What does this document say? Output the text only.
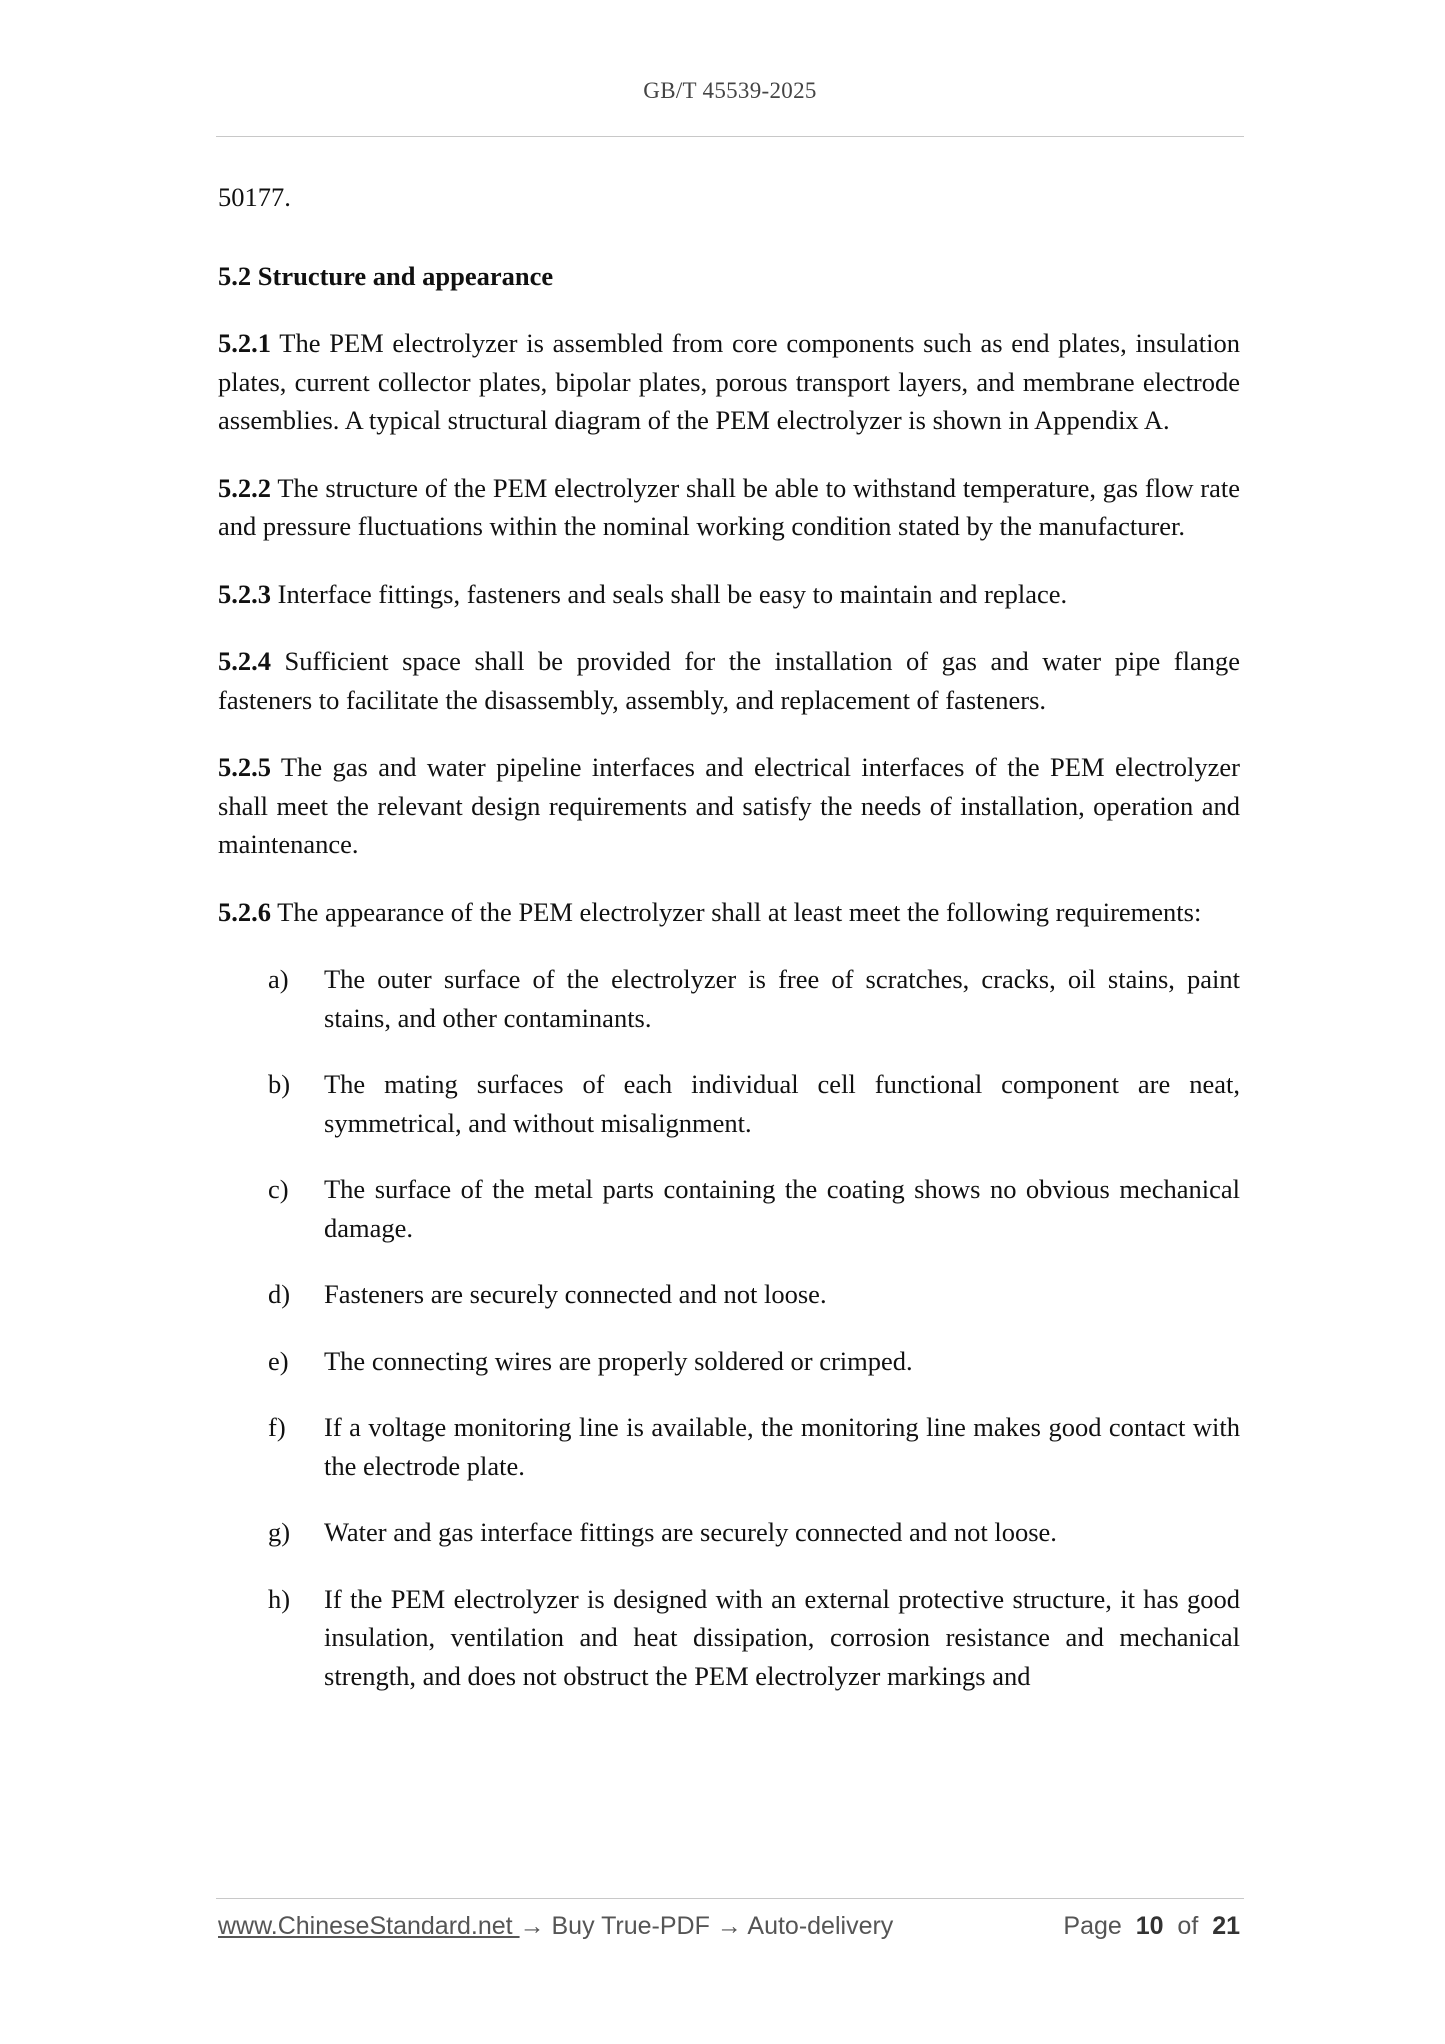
GB/T 45539-2025

50177.

5.2 Structure and appearance

5.2.1 The PEM electrolyzer is assembled from core components such as end plates, insulation plates, current collector plates, bipolar plates, porous transport layers, and membrane electrode assemblies. A typical structural diagram of the PEM electrolyzer is shown in Appendix A.

5.2.2 The structure of the PEM electrolyzer shall be able to withstand temperature, gas flow rate and pressure fluctuations within the nominal working condition stated by the manufacturer.

5.2.3 Interface fittings, fasteners and seals shall be easy to maintain and replace.

5.2.4 Sufficient space shall be provided for the installation of gas and water pipe flange fasteners to facilitate the disassembly, assembly, and replacement of fasteners.

5.2.5 The gas and water pipeline interfaces and electrical interfaces of the PEM electrolyzer shall meet the relevant design requirements and satisfy the needs of installation, operation and maintenance.

5.2.6 The appearance of the PEM electrolyzer shall at least meet the following requirements:

a)	The outer surface of the electrolyzer is free of scratches, cracks, oil stains, paint stains, and other contaminants.
b)	The mating surfaces of each individual cell functional component are neat, symmetrical, and without misalignment.
c)	The surface of the metal parts containing the coating shows no obvious mechanical damage.
d)	Fasteners are securely connected and not loose.
e)	The connecting wires are properly soldered or crimped.
f)	If a voltage monitoring line is available, the monitoring line makes good contact with the electrode plate.
g)	Water and gas interface fittings are securely connected and not loose.
h)	If the PEM electrolyzer is designed with an external protective structure, it has good insulation, ventilation and heat dissipation, corrosion resistance and mechanical strength, and does not obstruct the PEM electrolyzer markings and
www.ChineseStandard.net → Buy True-PDF → Auto-delivery	Page 10 of 21
